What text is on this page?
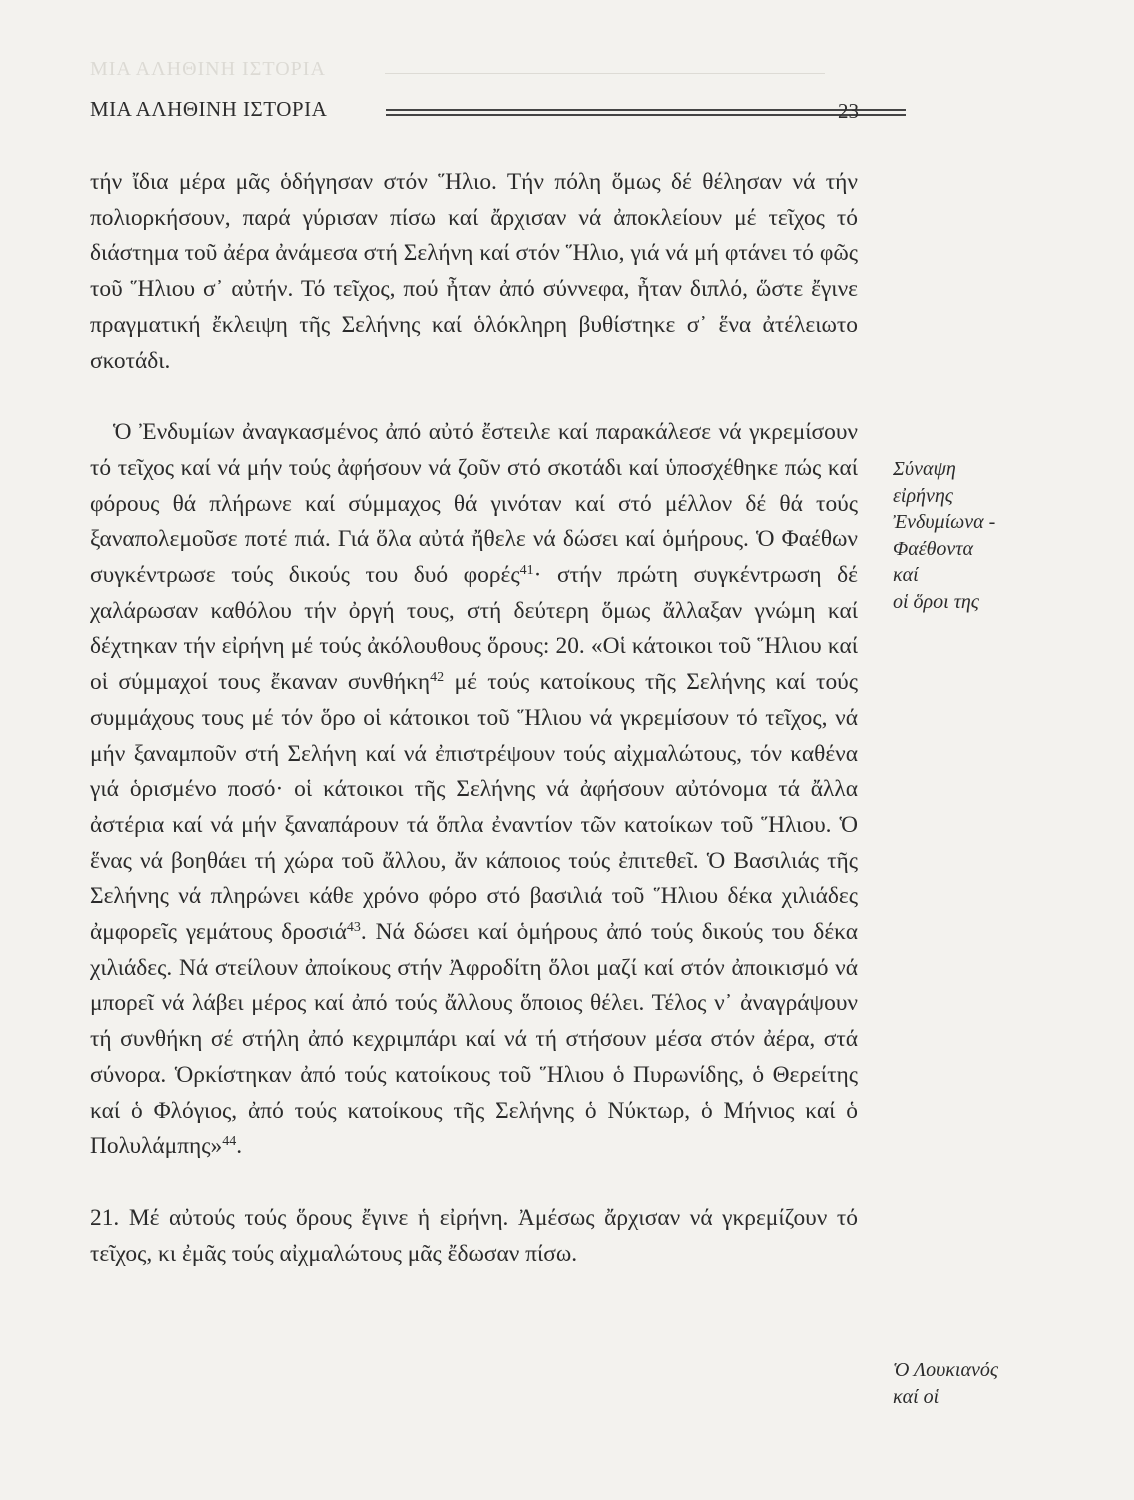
ΜΙΑ ΑΛΗΘΙΝΗ ΙΣΤΟΡΙΑ
ΜΙΑ ΑΛΗΘΙΝΗ ΙΣΤΟΡΙΑ	23

τήν ἴδια μέρα μᾶς ὁδήγησαν στόν Ἥλιο. Τήν πόλη ὅμως δέ θέλησαν νά τήν πολιορκήσουν, παρά γύρισαν πίσω καί ἄρχισαν νά ἀποκλείουν μέ τεῖχος τό διάστημα τοῦ ἀέρα ἀνάμεσα στή Σελήνη καί στόν Ἥλιο, γιά νά μή φτάνει τό φῶς τοῦ Ἥλιου σ᾿ αὐτήν. Τό τεῖχος, πού ἦταν ἀπό σύννεφα, ἦταν διπλό, ὥστε ἔγινε πραγματική ἔκλειψη τῆς Σελήνης καί ὁλόκληρη βυθίστηκε σ᾿ ἕνα ἀτέλειωτο σκοτάδι.

Ὁ Ἐνδυμίων ἀναγκασμένος ἀπό αὐτό ἔστειλε καί παρακάλεσε νά γκρεμίσουν τό τεῖχος καί νά μήν τούς ἀφήσουν νά ζοῦν στό σκοτάδι καί ὑποσχέθηκε πώς καί φόρους θά πλήρωνε καί σύμμαχος θά γινόταν καί στό μέλλον δέ θά τούς ξαναπολεμοῦσε ποτέ πιά. Γιά ὅλα αὐτά ἤθελε νά δώσει καί ὁμήρους. Ὁ Φαέθων συγκέντρωσε τούς δικούς του δυό φορές$^{41}$· στήν πρώτη συγκέντρωση δέ χαλάρωσαν καθόλου τήν ὀργή τους, στή δεύτερη ὅμως ἄλλαξαν γνώμη καί δέχτηκαν τήν εἰρήνη μέ τούς ἀκόλουθους ὅρους: 20. «Οἱ κάτοικοι τοῦ Ἥλιου καί οἱ σύμμαχοί τους ἔκαναν συνθήκη$^{42}$ μέ τούς κατοίκους τῆς Σελήνης καί τούς συμμάχους τους μέ τόν ὅρο οἱ κάτοικοι τοῦ Ἥλιου νά γκρεμίσουν τό τεῖχος, νά μήν ξαναμποῦν στή Σελήνη καί νά ἐπιστρέψουν τούς αἰχμαλώτους, τόν καθένα γιά ὁρισμένο ποσό· οἱ κάτοικοι τῆς Σελήνης νά ἀφήσουν αὐτόνομα τά ἄλλα ἀστέρια καί νά μήν ξαναπάρουν τά ὅπλα ἐναντίον τῶν κατοίκων τοῦ Ἥλιου. Ὁ ἕνας νά βοηθάει τή χώρα τοῦ ἄλλου, ἄν κάποιος τούς ἐπιτεθεῖ. Ὁ Βασιλιάς τῆς Σελήνης νά πληρώνει κάθε χρόνο φόρο στό βασιλιά τοῦ Ἥλιου δέκα χιλιάδες ἀμφορεῖς γεμάτους δροσιά$^{43}$. Νά δώσει καί ὁμήρους ἀπό τούς δικούς του δέκα χιλιάδες. Νά στείλουν ἀποίκους στήν Ἀφροδίτη ὅλοι μαζί καί στόν ἀποικισμό νά μπορεῖ νά λάβει μέρος καί ἀπό τούς ἄλλους ὅποιος θέλει. Τέλος ν᾿ ἀναγράψουν τή συνθήκη σέ στήλη ἀπό κεχριμπάρι καί νά τή στήσουν μέσα στόν ἀέρα, στά σύνορα. Ὁρκίστηκαν ἀπό τούς κατοίκους τοῦ Ἥλιου ὁ Πυρωνίδης, ὁ Θερείτης καί ὁ Φλόγιος, ἀπό τούς κατοίκους τῆς Σελήνης ὁ Νύκτωρ, ὁ Μήνιος καί ὁ Πολυλάμπης»$^{44}$.

21. Μέ αὐτούς τούς ὅρους ἔγινε ἡ εἰρήνη. Ἀμέσως ἄρχισαν νά γκρεμίζουν τό τεῖχος, κι ἐμᾶς τούς αἰχμαλώτους μᾶς ἔδωσαν πίσω.

Σύναψη
εἰρήνης
Ἐνδυμίωνα -
Φαέθοντα
καί
οἱ ὅροι της
Ὁ Λουκιανός
καί οἱ
